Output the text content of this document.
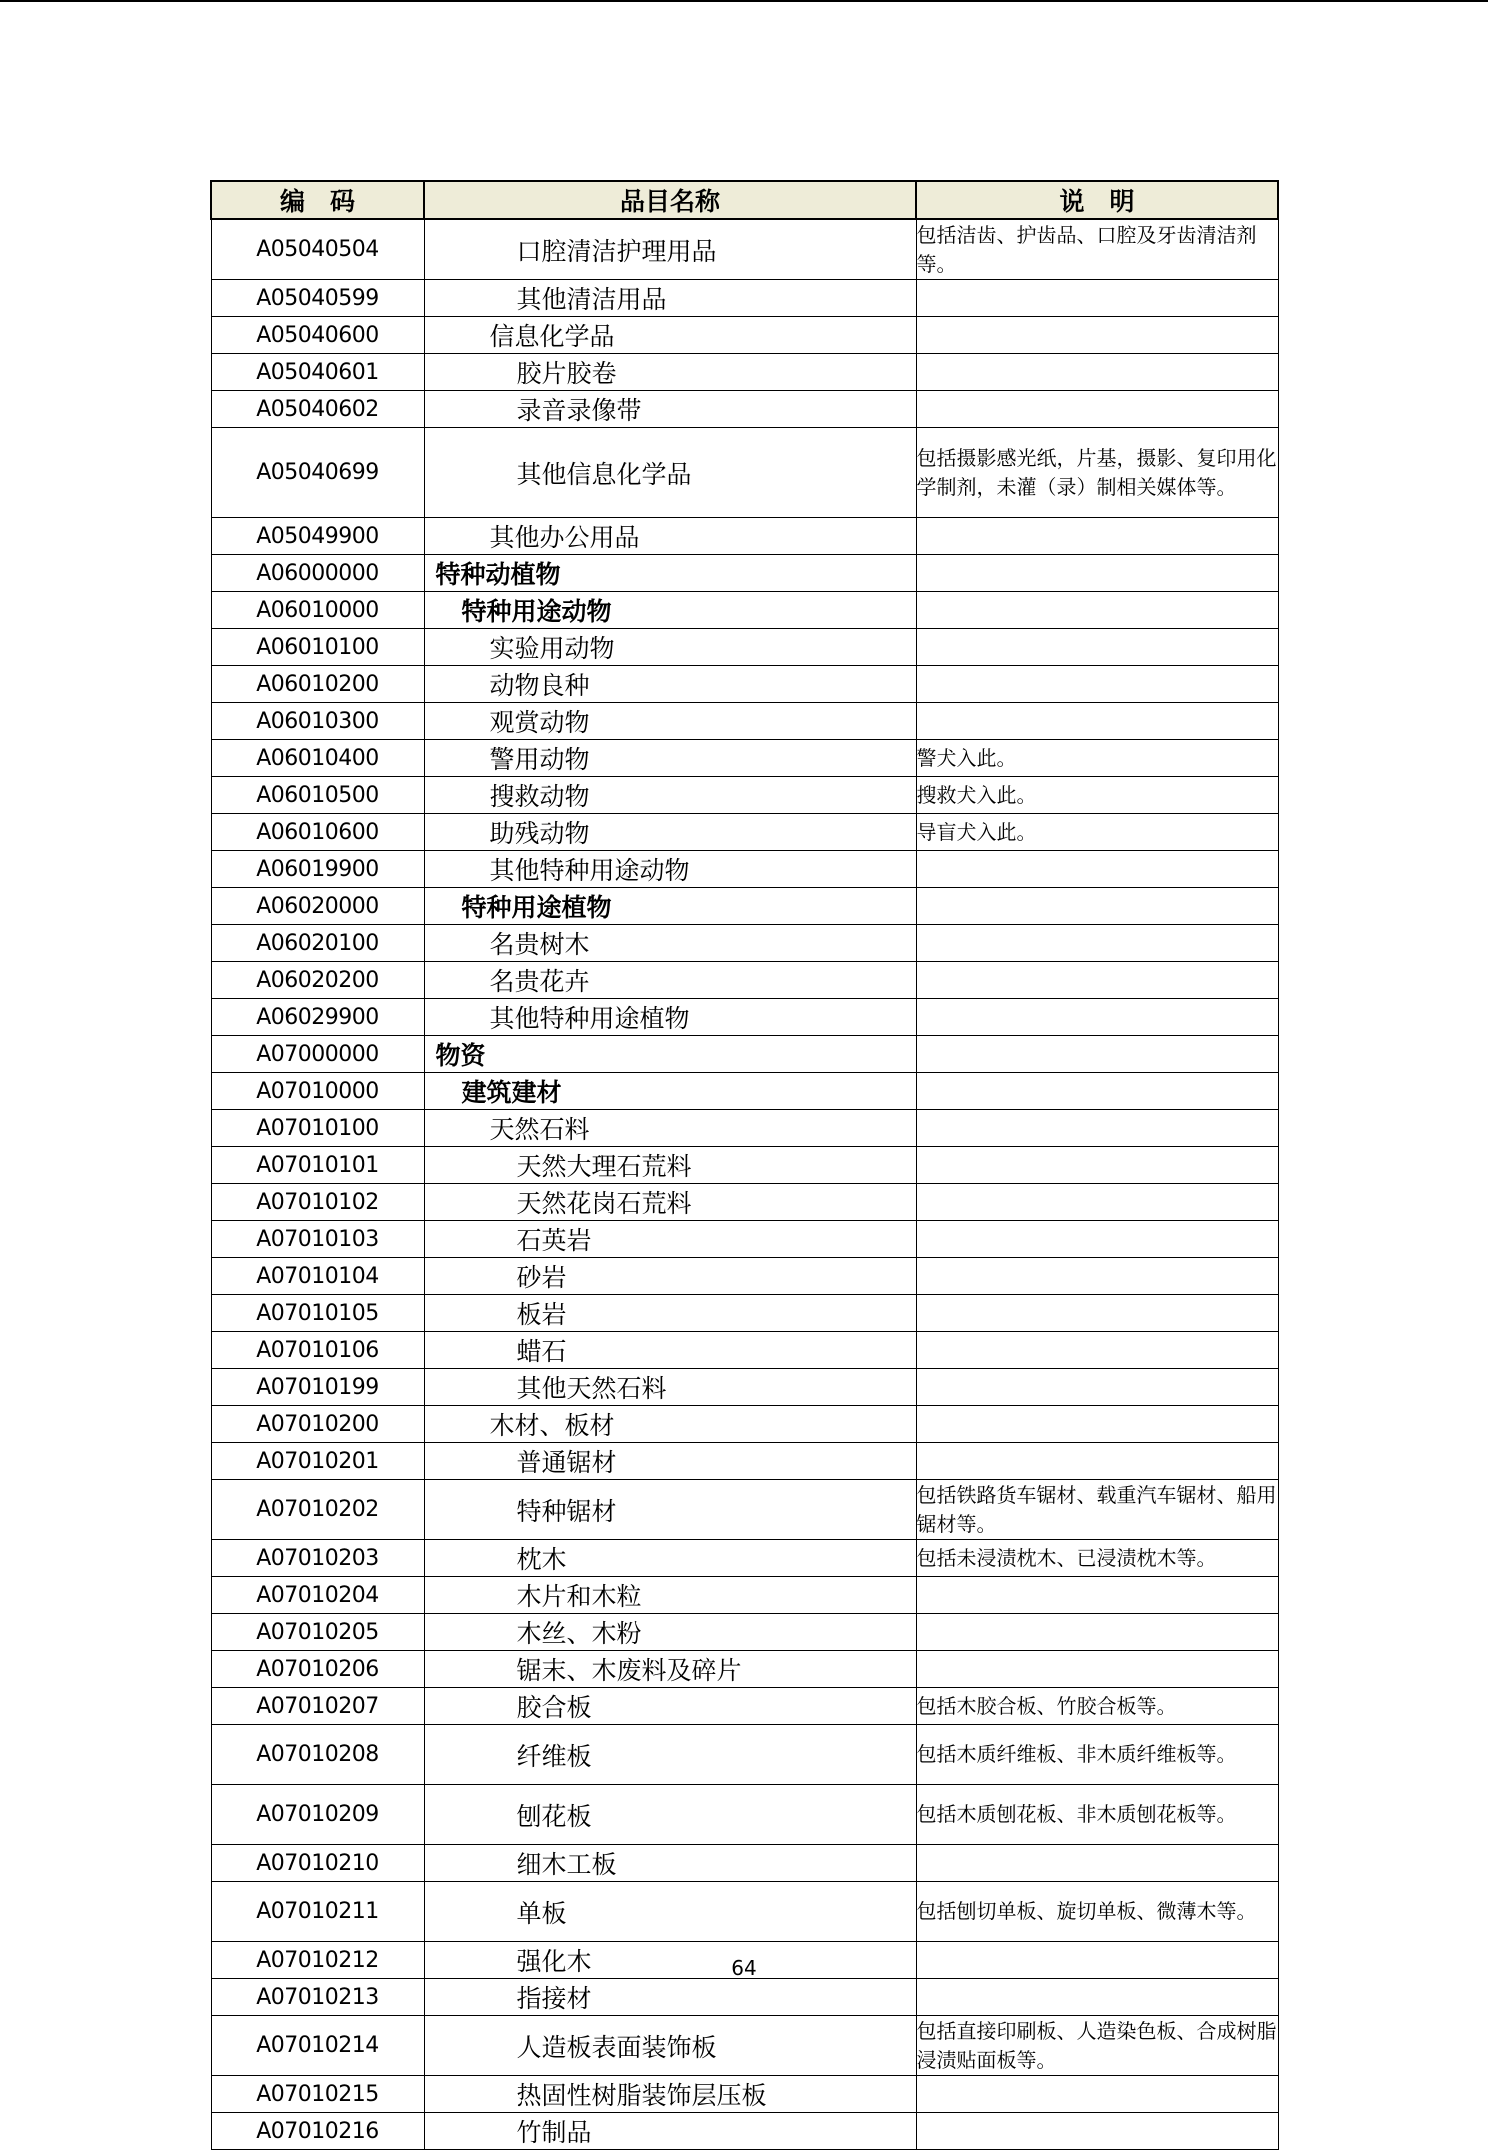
编　码	品目名称	说　明
A05040504	口腔清洁护理用品	包括洁齿、护齿品、口腔及牙齿清洁剂等。
A05040599	其他清洁用品	
A05040600	信息化学品	
A05040601	胶片胶卷	
A05040602	录音录像带	
A05040699	其他信息化学品	包括摄影感光纸，片基，摄影、复印用化学制剂，未灌（录）制相关媒体等。
A05049900	其他办公用品	
A06000000	特种动植物	
A06010000	特种用途动物	
A06010100	实验用动物	
A06010200	动物良种	
A06010300	观赏动物	
A06010400	警用动物	警犬入此。
A06010500	搜救动物	搜救犬入此。
A06010600	助残动物	导盲犬入此。
A06019900	其他特种用途动物	
A06020000	特种用途植物	
A06020100	名贵树木	
A06020200	名贵花卉	
A06029900	其他特种用途植物	
A07000000	物资	
A07010000	建筑建材	
A07010100	天然石料	
A07010101	天然大理石荒料	
A07010102	天然花岗石荒料	
A07010103	石英岩	
A07010104	砂岩	
A07010105	板岩	
A07010106	蜡石	
A07010199	其他天然石料	
A07010200	木材、板材	
A07010201	普通锯材	
A07010202	特种锯材	包括铁路货车锯材、载重汽车锯材、船用锯材等。
A07010203	枕木	包括未浸渍枕木、已浸渍枕木等。
A07010204	木片和木粒	
A07010205	木丝、木粉	
A07010206	锯末、木废料及碎片	
A07010207	胶合板	包括木胶合板、竹胶合板等。
A07010208	纤维板	包括木质纤维板、非木质纤维板等。
A07010209	刨花板	包括木质刨花板、非木质刨花板等。
A07010210	细木工板	
A07010211	单板	包括刨切单板、旋切单板、微薄木等。
A07010212	强化木	
A07010213	指接材	
A07010214	人造板表面装饰板	包括直接印刷板、人造染色板、合成树脂浸渍贴面板等。
A07010215	热固性树脂装饰层压板	
A07010216	竹制品	
64
